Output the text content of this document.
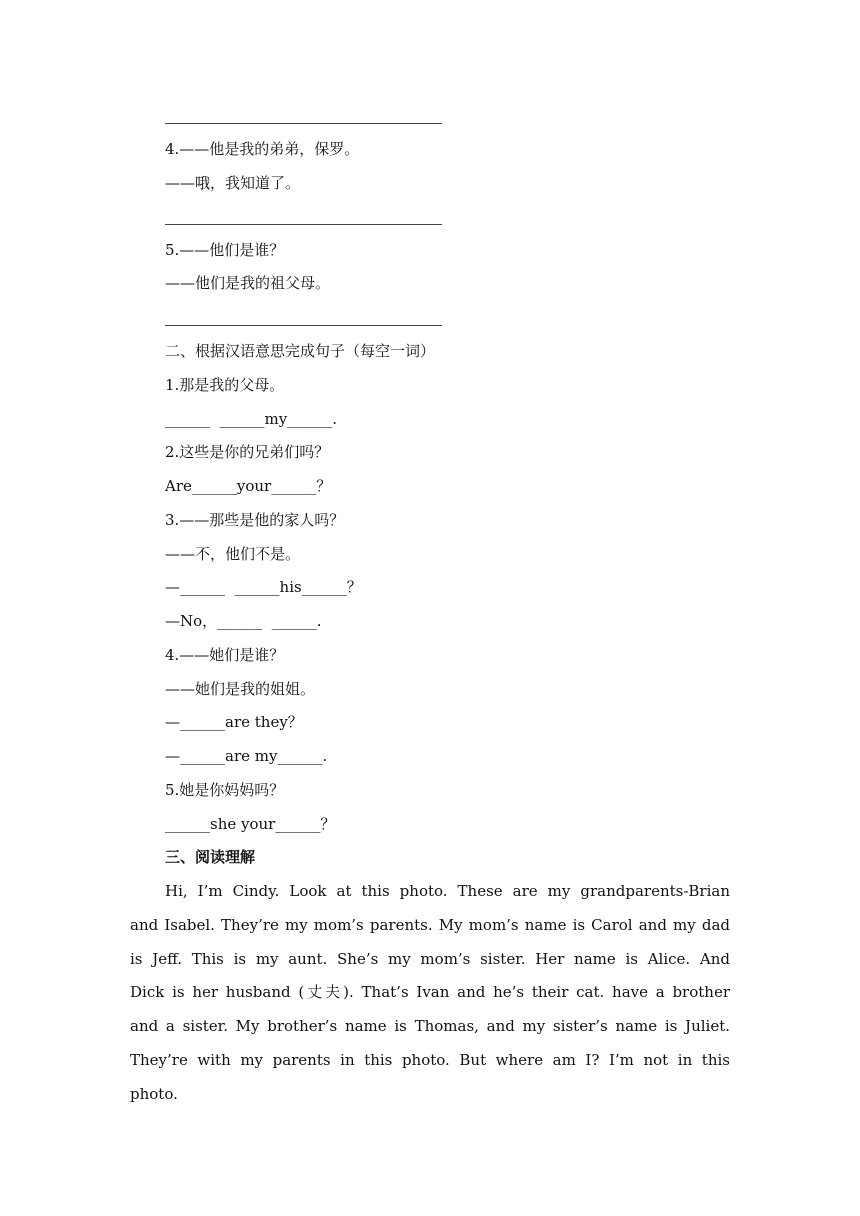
4.——他是我的弟弟，保罗。
——哦，我知道了。
5.——他们是谁？
——他们是我的祖父母。
二、根据汉语意思完成句子（每空一词）
1.那是我的父母。
______  ______my______.
2.这些是你的兄弟们吗？
Are______your______？
3.——那些是他的家人吗？
——不，他们不是。
—______  ______his______？
—No，______  ______.
4.——她们是谁？
——她们是我的姐姐。
—______are they？
—______are my______.
5.她是你妈妈吗？
______she your______？
三、阅读理解
Hi, I’m Cindy. Look at this photo. These are my grandparents-Brian
and Isabel. They’re my mom’s parents. My mom’s name is Carol and my dad
is Jeff. This is my aunt. She’s my mom’s sister. Her name is Alice. And
Dick is her husband (丈夫). That’s Ivan and he’s their cat. have a brother
and a sister. My brother’s name is Thomas, and my sister’s name is Juliet.
They’re with my parents in this photo. But where am I? I’m not in this
photo.
